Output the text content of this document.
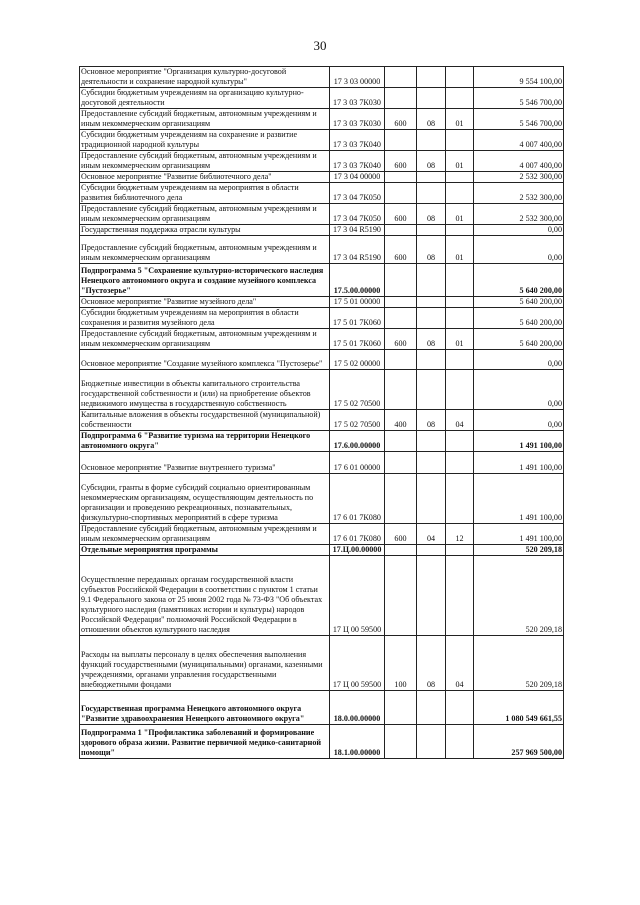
30
Основное мероприятие "Организация культурно-досуговой деятельности и сохранение народной культуры"	17 3 03 00000				9 554 100,00
Субсидии бюджетным учреждениям на организацию культурно-досуговой деятельности	17 3 03 7К030				5 546 700,00
Предоставление субсидий бюджетным, автономным учреждениям и иным некоммерческим организациям	17 3 03 7К030	600	08	01	5 546 700,00
Субсидии бюджетным учреждениям на сохранение и развитие традиционной народной культуры	17 3 03 7К040				4 007 400,00
Предоставление субсидий бюджетным, автономным учреждениям и иным некоммерческим организациям	17 3 03 7К040	600	08	01	4 007 400,00
Основное мероприятие "Развитие библиотечного дела"	17 3 04 00000				2 532 300,00
Субсидии бюджетным учреждениям на мероприятия в области развития библиотечного дела	17 3 04 7К050				2 532 300,00
Предоставление субсидий бюджетным, автономным учреждениям и иным некоммерческим организациям	17 3 04 7К050	600	08	01	2 532 300,00
Государственная поддержка отрасли культуры	17 3 04 R5190				0,00
Предоставление субсидий бюджетным, автономным учреждениям и иным некоммерческим организациям	17 3 04 R5190	600	08	01	0,00
Подпрограмма 5 "Сохранение культурно-исторического наследия Ненецкого автономного округа и создание музейного комплекса "Пустозерье"	17.5.00.00000				5 640 200,00
Основное мероприятие "Развитие музейного дела"	17 5 01 00000				5 640 200,00
Субсидии бюджетным учреждениям на мероприятия в области сохранения и развития музейного дела	17 5 01 7К060				5 640 200,00
Предоставление субсидий бюджетным, автономным учреждениям и иным некоммерческим организациям	17 5 01 7К060	600	08	01	5 640 200,00
Основное мероприятие "Создание музейного комплекса "Пустозерье"	17 5 02 00000				0,00
Бюджетные инвестиции в объекты капитального строительства государственной собственности и (или) на приобретение объектов недвижимого имущества в государственную собственность	17 5 02 70500				0,00
Капитальные вложения в объекты государственной (муниципальной) собственности	17 5 02 70500	400	08	04	0,00
Подпрограмма 6 "Развитие туризма на территории Ненецкого автономного округа"	17.6.00.00000				1 491 100,00
Основное мероприятие "Развитие внутреннего туризма"	17 6 01 00000				1 491 100,00
Субсидии, гранты в форме субсидий социально ориентированным некоммерческим организациям, осуществляющим деятельность по организации и проведению рекреационных, познавательных, физкультурно-спортивных мероприятий в сфере туризма	17 6 01 7К080				1 491 100,00
Предоставление субсидий бюджетным, автономным учреждениям и иным некоммерческим организациям	17 6 01 7К080	600	04	12	1 491 100,00
Отдельные мероприятия программы	17.Ц.00.00000				520 209,18
Осуществление переданных органам государственной власти субъектов Российской Федерации в соответствии с пунктом 1 статьи 9.1 Федерального закона от 25 июня 2002 года № 73-ФЗ "Об объектах культурного наследия (памятниках истории и культуры) народов Российской Федерации" полномочий Российской Федерации в отношении объектов культурного наследия	17 Ц 00 59500				520 209,18
Расходы на выплаты персоналу в целях обеспечения выполнения функций государственными (муниципальными) органами, казенными учреждениями, органами управления государственными внебюджетными фондами	17 Ц 00 59500	100	08	04	520 209,18
Государственная программа Ненецкого автономного округа "Развитие здравоохранения Ненецкого автономного округа"	18.0.00.00000				1 080 549 661,55
Подпрограмма 1 "Профилактика заболеваний и формирование здорового образа жизни. Развитие первичной медико-санитарной помощи"	18.1.00.00000				257 969 500,00
